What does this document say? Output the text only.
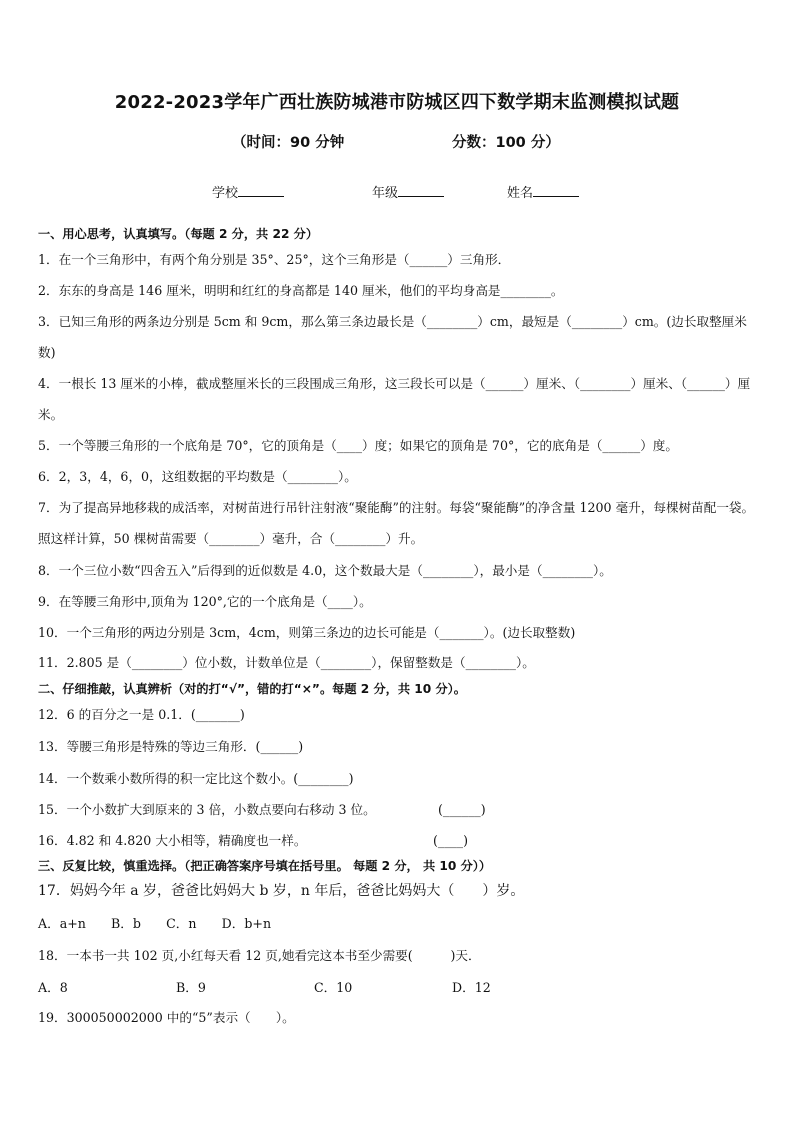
2022-2023学年广西壮族防城港市防城区四下数学期末监测模拟试题
（时间：90 分钟	分数：100 分）
学校	年级	姓名
一、用心思考，认真填写。（每题 2 分，共 22 分）
1．在一个三角形中，有两个角分别是 35°、25°，这个三角形是（______）三角形．
2．东东的身高是 146 厘米，明明和红红的身高都是 140 厘米，他们的平均身高是________。
3．已知三角形的两条边分别是 5cm 和 9cm，那么第三条边最长是（________）cm，最短是（________）cm。(边长取整厘米数)
4．一根长 13 厘米的小棒，截成整厘米长的三段围成三角形，这三段长可以是（______）厘米、（________）厘米、（______）厘米。
5．一个等腰三角形的一个底角是 70°，它的顶角是（____）度；如果它的顶角是 70°，它的底角是（______）度。
6．2，3，4，6，0，这组数据的平均数是（________）。
7．为了提高异地移栽的成活率，对树苗进行吊针注射液“聚能酶”的注射。每袋“聚能酶”的净含量 1200 毫升，每棵树苗配一袋。照这样计算，50 棵树苗需要（________）毫升，合（________）升。
8．一个三位小数“四舍五入”后得到的近似数是 4.0，这个数最大是（________），最小是（________）。
9．在等腰三角形中,顶角为 120°,它的一个底角是（____）。
10．一个三角形的两边分别是 3cm，4cm，则第三条边的边长可能是（_______）。(边长取整数)
11．2.805 是（________）位小数，计数单位是（________），保留整数是（________）。
二、仔细推敲，认真辨析（对的打“√”，错的打“×”。每题 2 分，共 10 分）。
12．6 的百分之一是 0.1．(_______)
13．等腰三角形是特殊的等边三角形．(______)
14．一个数乘小数所得的积一定比这个数小。(________)
15．一个小数扩大到原来的 3 倍，小数点要向右移动 3 位。	(______)
16．4.82 和 4.820 大小相等，精确度也一样。	(____)
三、反复比较，慎重选择。（把正确答案序号填在括号里。 每题 2 分， 共 10 分））
17．妈妈今年 a 岁，爸爸比妈妈大 b 岁，n 年后，爸爸比妈妈大（　　）岁。
A．a+n　　B．b　　C．n　　D．b+n
18．一本书一共 102 页,小红每天看 12 页,她看完这本书至少需要(　　　)天．
A．8	B．9	C．10	D．12
19．300050002000 中的“5”表示（　　）。
